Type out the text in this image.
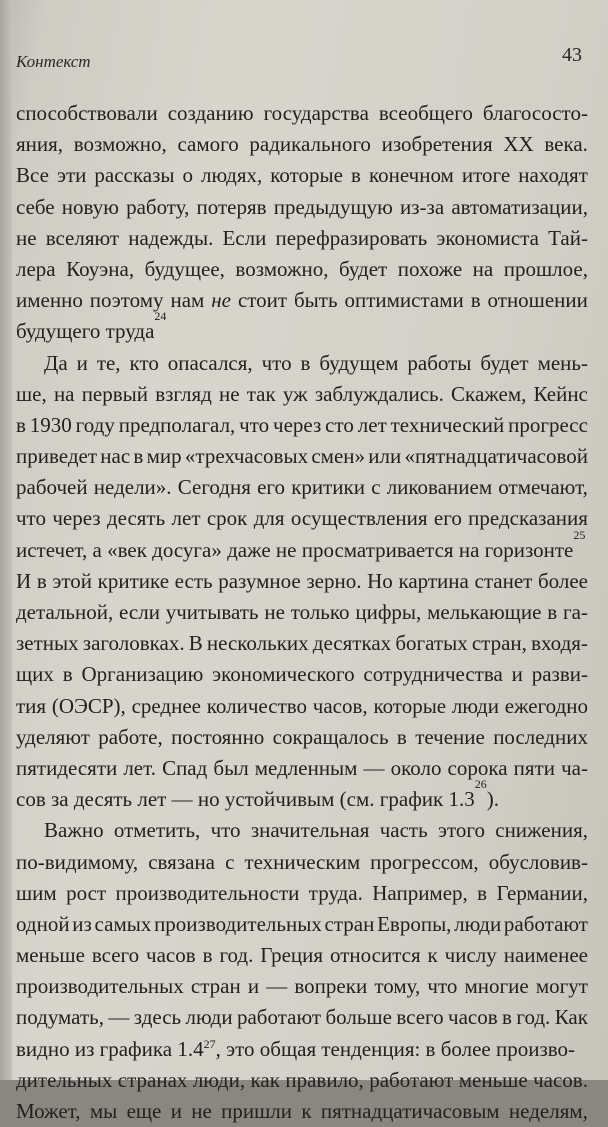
Контекст	43
способствовали созданию государства всеобщего благососто-
яния, возможно, самого радикального изобретения XX века.
Все эти рассказы о людях, которые в конечном итоге находят
себе новую работу, потеряв предыдущую из-за автоматизации,
не вселяют надежды. Если перефразировать экономиста Тай-
лера Коуэна, будущее, возможно, будет похоже на прошлое,
именно поэтому нам не стоит быть оптимистами в отношении
будущего труда
24
Да и те, кто опасался, что в будущем работы будет мень-
ше, на первый взгляд не так уж заблуждались. Скажем, Кейнс
в 1930 году предполагал, что через сто лет технический прогресс
приведет нас в мир «трехчасовых смен» или «пятнадцатичасовой
рабочей недели». Сегодня его критики с ликованием отмечают,
что через десять лет срок для осуществления его предсказания
истечет, а «век досуга» даже не просматривается на горизонте
25
И в этой критике есть разумное зерно. Но картина станет более
детальной, если учитывать не только цифры, мелькающие в га-
зетных заголовках. В нескольких десятках богатых стран, входя-
щих в Организацию экономического сотрудничества и разви-
тия (ОЭСР), среднее количество часов, которые люди ежегодно
уделяют работе, постоянно сокращалось в течение последних
пятидесяти лет. Спад был медленным — около сорока пяти ча-
сов за десять лет — но устойчивым (см. график 1.3
26
).
Важно отметить, что значительная часть этого снижения,
по-видимому, связана с техническим прогрессом, обусловив-
шим рост производительности труда. Например, в Германии,
одной из самых производительных стран Европы, люди работают
меньше всего часов в год. Греция относится к числу наименее
производительных стран и — вопреки тому, что многие могут
подумать, — здесь люди работают больше всего часов в год. Как
видно из графика $1.4^{27}$, это общая тенденция: в более произво-
дительных странах люди, как правило, работают меньше часов.
Может, мы еще и не пришли к пятнадцатичасовым неделям,
